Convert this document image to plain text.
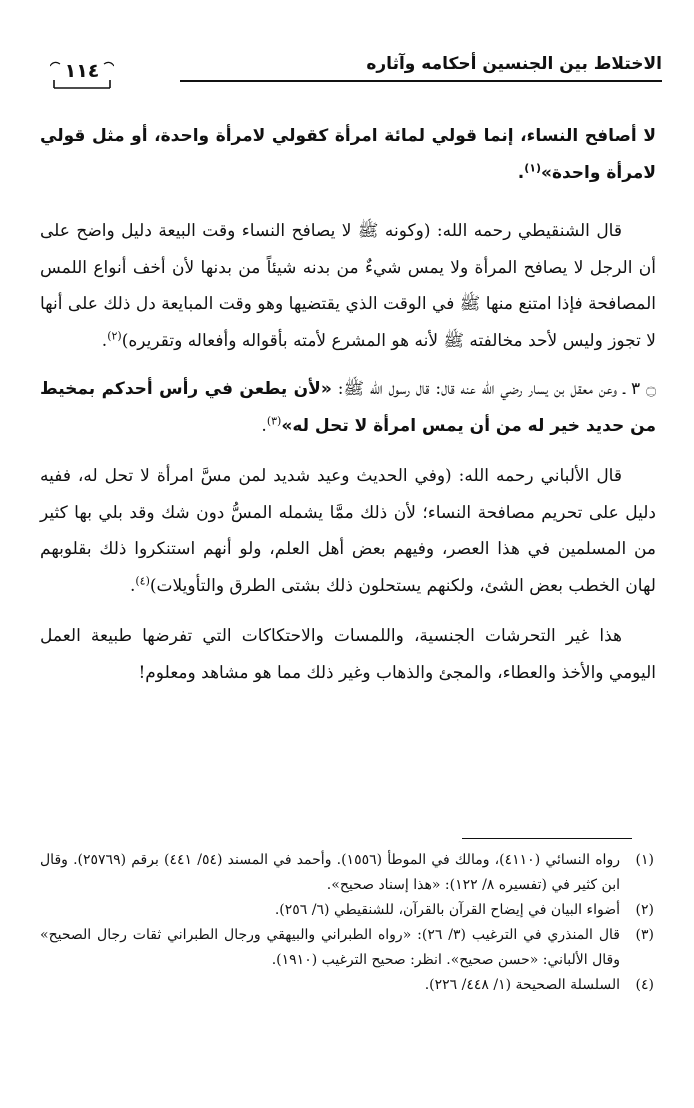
الاختلاط بين الجنسين أحكامه وآثاره
١١٤

لا أصافح النساء، إنما قولي لمائة امرأة كقولي لامرأة واحدة، أو مثل قولي لامرأة واحدة»$^{(١)}$.

قال الشنقيطي رحمه الله: (وكونه ﷺ لا يصافح النساء وقت البيعة دليل واضح على أن الرجل لا يصافح المرأة ولا يمس شيءٌ من بدنه شيئاً من بدنها لأن أخف أنواع اللمس المصافحة فإذا امتنع منها ﷺ في الوقت الذي يقتضيها وهو وقت المبايعة دل ذلك على أنها لا تجوز وليس لأحد مخالفته ﷺ لأنه هو المشرع لأمته بأقواله وأفعاله وتقريره)$^{(٢)}$.

۝ ٣ ـ وعن معقل بن يسار رضي الله عنه قال: قال رسول الله ﷺ: «لأن يطعن في رأس أحدكم بمخيط من حديد خير له من أن يمس امرأة لا تحل له»$^{(٣)}$.

قال الألباني رحمه الله: (وفي الحديث وعيد شديد لمن مسَّ امرأة لا تحل له، ففيه دليل على تحريم مصافحة النساء؛ لأن ذلك ممَّا يشمله المسُّ دون شك وقد بلي بها كثير من المسلمين في هذا العصر، وفيهم بعض أهل العلم، ولو أنهم استنكروا ذلك بقلوبهم لهان الخطب بعض الشئ، ولكنهم يستحلون ذلك بشتى الطرق والتأويلات)$^{(٤)}$.

هذا غير التحرشات الجنسية، واللمسات والاحتكاكات التي تفرضها طبيعة العمل اليومي والأخذ والعطاء، والمجئ والذهاب وغير ذلك مما هو مشاهد ومعلوم!

(١)
رواه النسائي (٤١١٠)، ومالك في الموطأ (١٥٥٦). وأحمد في المسند (٥٤/ ٤٤١) برقم (٢٥٧٦٩). وقال ابن كثير في (تفسيره ٨/ ١٢٢): «هذا إسناد صحيح».
(٢)
أضواء البيان في إيضاح القرآن بالقرآن، للشنقيطي (٦/ ٢٥٦).
(٣)
قال المنذري في الترغيب (٣/ ٢٦): «رواه الطبراني والبيهقي ورجال الطبراني ثقات رجال الصحيح» وقال الألباني: «حسن صحيح». انظر: صحيح الترغيب (١٩١٠).
(٤)
السلسلة الصحيحة (١/ ٤٤٨/ ٢٢٦).
